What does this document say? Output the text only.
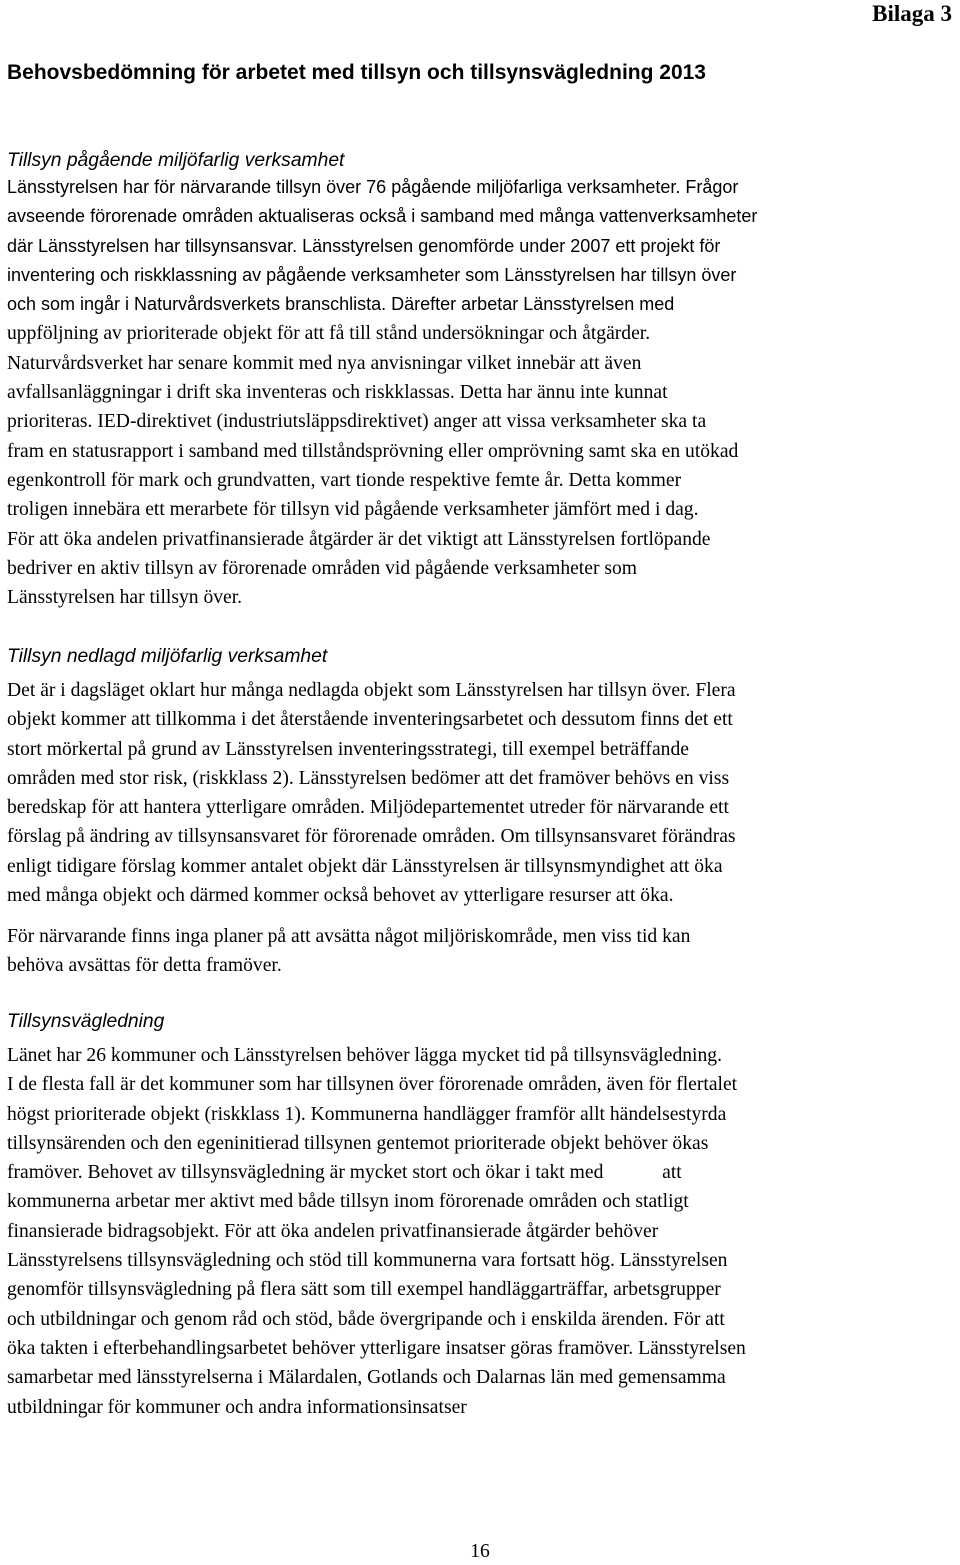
Bilaga 3
Behovsbedömning för arbetet med tillsyn och tillsynsvägledning 2013
Tillsyn pågående miljöfarlig verksamhet
Länsstyrelsen har för närvarande tillsyn över 76 pågående miljöfarliga verksamheter. Frågor
avseende förorenade områden aktualiseras också i samband med många vattenverksamheter
där Länsstyrelsen har tillsynsansvar. Länsstyrelsen genomförde under 2007 ett projekt för
inventering och riskklassning av pågående verksamheter som Länsstyrelsen har tillsyn över
och som ingår i Naturvårdsverkets branschlista. Därefter arbetar Länsstyrelsen med
uppföljning av prioriterade objekt för att få till stånd undersökningar och åtgärder.
Naturvårdsverket har senare kommit med nya anvisningar vilket innebär att även
avfallsanläggningar i drift ska inventeras och riskklassas. Detta har ännu inte kunnat
prioriteras. IED-direktivet (industriutsläppsdirektivet) anger att vissa verksamheter ska ta
fram en statusrapport i samband med tillståndsprövning eller omprövning samt ska en utökad
egenkontroll för mark och grundvatten, vart tionde respektive femte år. Detta kommer
troligen innebära ett merarbete för tillsyn vid pågående verksamheter jämfört med i dag.
För att öka andelen privatfinansierade åtgärder är det viktigt att Länsstyrelsen fortlöpande
bedriver en aktiv tillsyn av förorenade områden vid pågående verksamheter som
Länsstyrelsen har tillsyn över.
Tillsyn nedlagd miljöfarlig verksamhet
Det är i dagsläget oklart hur många nedlagda objekt som Länsstyrelsen har tillsyn över. Flera
objekt kommer att tillkomma i det återstående inventeringsarbetet och dessutom finns det ett
stort mörkertal på grund av Länsstyrelsen inventeringsstrategi, till exempel beträffande
områden med stor risk, (riskklass 2). Länsstyrelsen bedömer att det framöver behövs en viss
beredskap för att hantera ytterligare områden. Miljödepartementet utreder för närvarande ett
förslag på ändring av tillsynsansvaret för förorenade områden. Om tillsynsansvaret förändras
enligt tidigare förslag kommer antalet objekt där Länsstyrelsen är tillsynsmyndighet att öka
med många objekt och därmed kommer också behovet av ytterligare resurser att öka.
För närvarande finns inga planer på att avsätta något miljöriskområde, men viss tid kan
behöva avsättas för detta framöver.
Tillsynsvägledning
Länet har 26 kommuner och Länsstyrelsen behöver lägga mycket tid på tillsynsvägledning.
I de flesta fall är det kommuner som har tillsynen över förorenade områden, även för flertalet
högst prioriterade objekt (riskklass 1). Kommunerna handlägger framför allt händelsestyrda
tillsynsärenden och den egeninitierad tillsynen gentemot prioriterade objekt behöver ökas
framöver. Behovet av tillsynsvägledning är mycket stort och ökar i takt med            att
kommunerna arbetar mer aktivt med både tillsyn inom förorenade områden och statligt
finansierade bidragsobjekt. För att öka andelen privatfinansierade åtgärder behöver
Länsstyrelsens tillsynsvägledning och stöd till kommunerna vara fortsatt hög. Länsstyrelsen
genomför tillsynsvägledning på flera sätt som till exempel handläggarträffar, arbetsgrupper
och utbildningar och genom råd och stöd, både övergripande och i enskilda ärenden. För att
öka takten i efterbehandlingsarbetet behöver ytterligare insatser göras framöver. Länsstyrelsen
samarbetar med länsstyrelserna i Mälardalen, Gotlands och Dalarnas län med gemensamma
utbildningar för kommuner och andra informationsinsatser
16
